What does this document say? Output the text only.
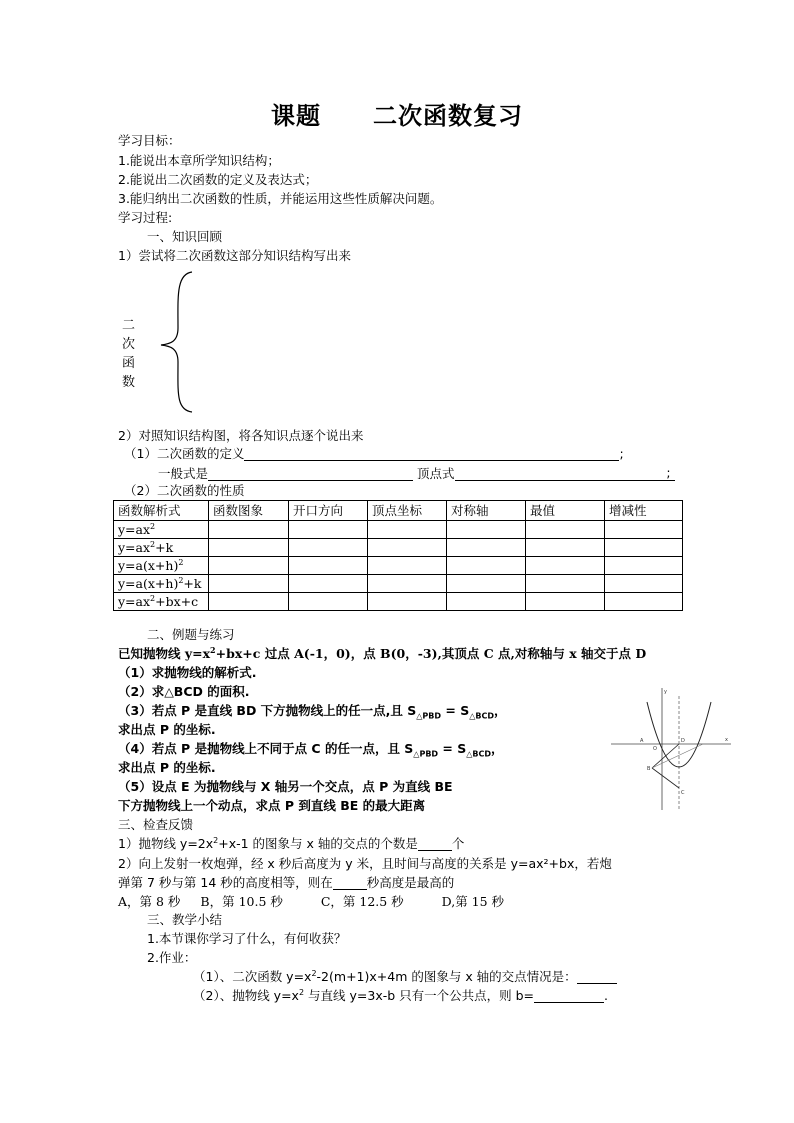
课题 二次函数复习
学习目标：
1.能说出本章所学知识结构；
2.能说出二次函数的定义及表达式；
3.能归纳出二次函数的性质，并能运用这些性质解决问题。
学习过程:
一、知识回顾
1）尝试将二次函数这部分知识结构写出来
二
次
函
数
2）对照知识结构图，将各知识点逐个说出来
（1）二次函数的定义	;
一般式是	顶点式	;
（2）二次函数的性质
函数解析式	函数图象	开口方向	顶点坐标	对称轴	最值	增减性
$y=ax^2$						
$y=ax^2+k$						
$y=a(x+h)^2$						
$y=a(x+h)^2+k$						
$y=ax^2+bx+c$						
二、例题与练习
已知抛物线 $y=x^2+bx+c$ 过点 A(-1，0)，点 B(0，-3),其顶点 C 点,对称轴与 x 轴交于点 D
（1）求抛物线的解析式.
（2）求△BCD 的面积.
（3）若点 P 是直线 BD 下方抛物线上的任一点,且 $S_{\triangle PBD} = S_{\triangle BCD}$，
求出点 P 的坐标.
（4）若点 P 是抛物线上不同于点 C 的任一点，且 $S_{\triangle PBD} = S_{\triangle BCD}$，
求出点 P 的坐标.
（5）设点 E 为抛物线与 X 轴另一个交点，点 P 为直线 BE
下方抛物线上一个动点，求点 P 到直线 BE 的最大距离
y
x
O
D
B
C
A
三、检查反馈
1）抛物线 $y=2x^2+x-1$ 的图象与 x 轴的交点的个数是	个
2）向上发射一枚炮弹，经 x 秒后高度为 y 米，且时间与高度的关系是 y=ax²+bx，若炮
弹第 7 秒与第 14 秒的高度相等，则在	秒高度是最高的
A，第 8 秒 B，第 10.5 秒	C，第 12.5 秒	D,第 15 秒
三、教学小结
1.本节课你学习了什么，有何收获？
2.作业：
（1）、二次函数 $y=x^2-2(m+1)x+4m$ 的图象与 x 轴的交点情况是：
（2）、抛物线 $y=x^2$ 与直线 y=3x-b 只有一个公共点，则 b=	.
